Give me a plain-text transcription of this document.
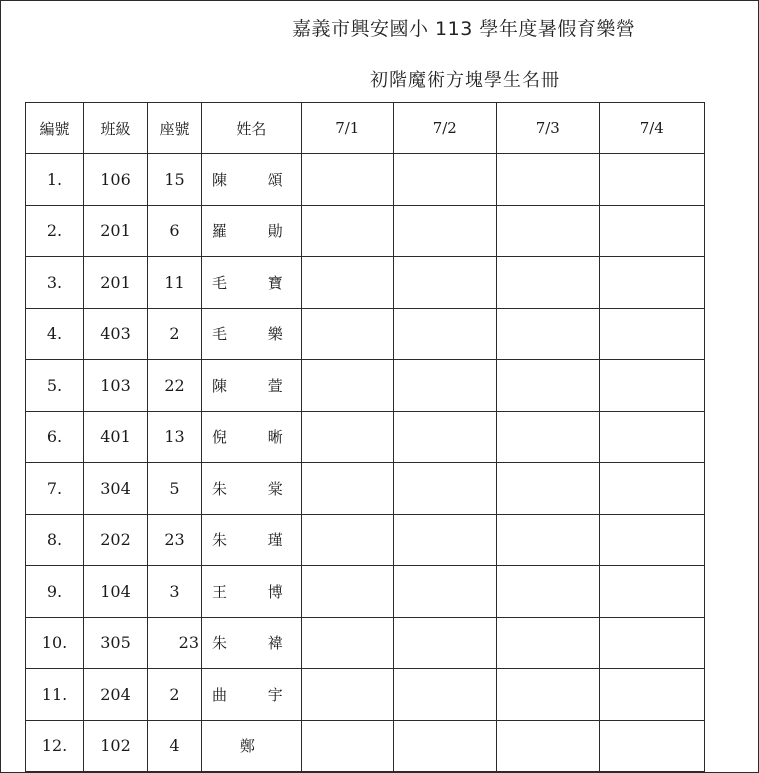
嘉義市興安國小 113 學年度暑假育樂營
初階魔術方塊學生名冊
編號	班級	座號	姓名	7/1	7/2	7/3	7/4
1.	106	15	陳 頌				
2.	201	6	羅 勛				
3.	201	11	毛 寶				
4.	403	2	毛 樂				
5.	103	22	陳 萱				
6.	401	13	倪 晰				
7.	304	5	朱 棠				
8.	202	23	朱 瑾				
9.	104	3	王 博				
10.	305	23	朱 褘				
11.	204	2	曲 宇				
12.	102	4	鄭				
